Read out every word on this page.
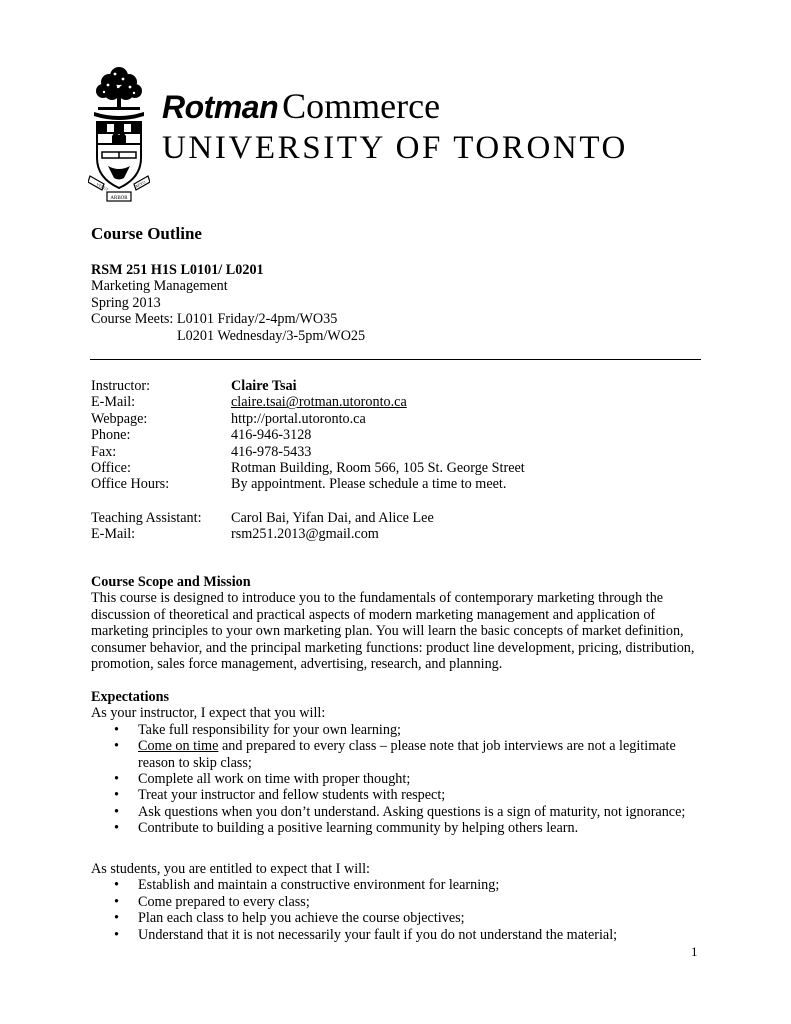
VELUT	AEVO
ARBOR
Rotman Commerce
UNIVERSITY OF TORONTO
Course Outline
RSM 251 H1S L0101/ L0201
Marketing Management
Spring 2013
Course Meets: L0101 Friday/2-4pm/WO35
L0201 Wednesday/3-5pm/WO25
Instructor:	Claire Tsai
E-Mail:	claire.tsai@rotman.utoronto.ca
Webpage:	http://portal.utoronto.ca
Phone:	416-946-3128
Fax:	416-978-5433
Office:	Rotman Building, Room 566, 105 St. George Street
Office Hours:	By appointment. Please schedule a time to meet.
Teaching Assistant:	Carol Bai, Yifan Dai, and Alice Lee
E-Mail:	rsm251.2013@gmail.com
Course Scope and Mission
This course is designed to introduce you to the fundamentals of contemporary marketing through the
discussion of theoretical and practical aspects of modern marketing management and application of
marketing principles to your own marketing plan. You will learn the basic concepts of market definition,
consumer behavior, and the principal marketing functions: product line development, pricing, distribution,
promotion, sales force management, advertising, research, and planning.
Expectations
As your instructor, I expect that you will:
• Take full responsibility for your own learning;
• Come on time and prepared to every class – please note that job interviews are not a legitimate
reason to skip class;
• Complete all work on time with proper thought;
• Treat your instructor and fellow students with respect;
• Ask questions when you don’t understand. Asking questions is a sign of maturity, not ignorance;
• Contribute to building a positive learning community by helping others learn.
As students, you are entitled to expect that I will:
• Establish and maintain a constructive environment for learning;
• Come prepared to every class;
• Plan each class to help you achieve the course objectives;
• Understand that it is not necessarily your fault if you do not understand the material;
1
